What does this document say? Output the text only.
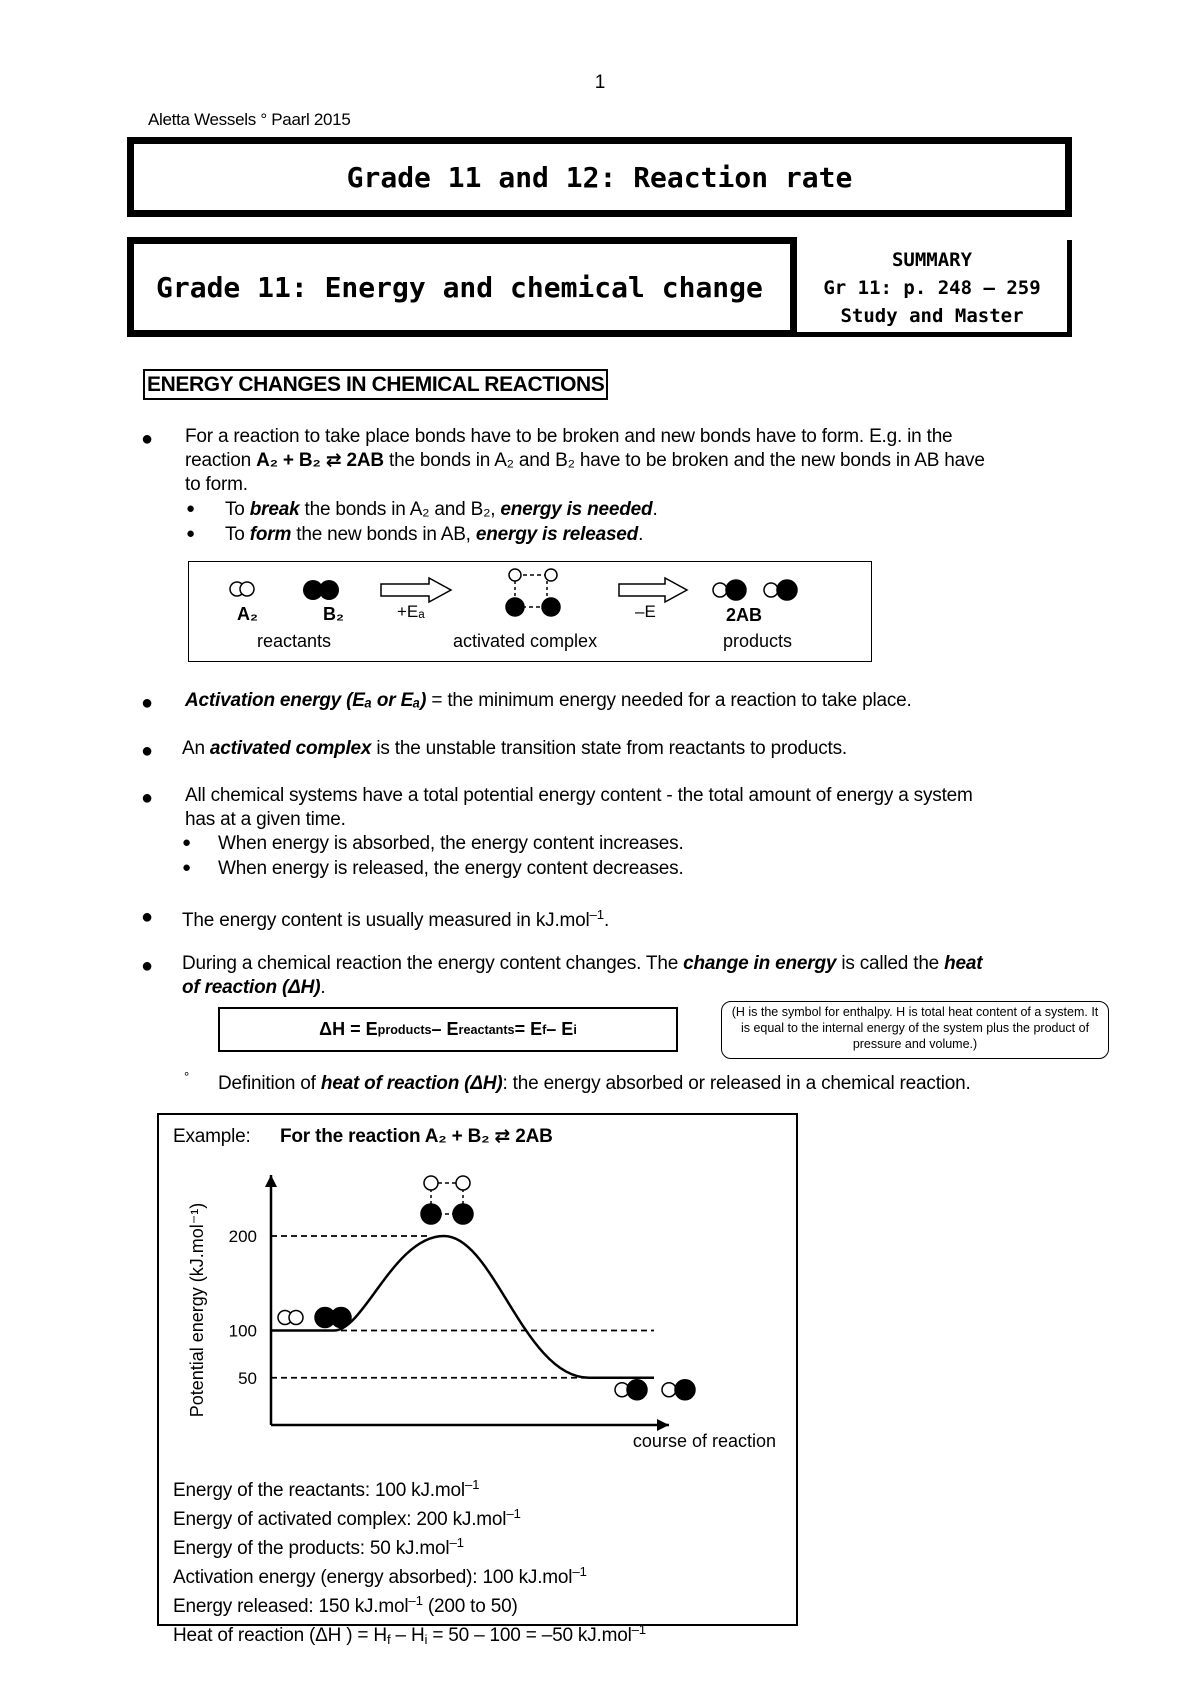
1
Aletta Wessels ° Paarl 2015
Grade 11 and 12: Reaction rate
Grade 11: Energy and chemical change
SUMMARY
Gr 11: p. 248 – 259
Study and Master
ENERGY CHANGES IN CHEMICAL REACTIONS
● For a reaction to take place bonds have to be broken and new bonds have to form. E.g. in the
reaction A₂ + B₂ ⇄ 2AB the bonds in A₂ and B₂ have to be broken and the new bonds in AB have
to form.
● To break the bonds in A₂ and B₂, energy is needed.
● To form the new bonds in AB, energy is released.
A₂	B₂	+Eₐ	–E	2AB
reactants	activated complex	products
● Activation energy (Eₐ or Eₐ) = the minimum energy needed for a reaction to take place.
● An activated complex is the unstable transition state from reactants to products.
● All chemical systems have a total potential energy content - the total amount of energy a system
has at a given time.
● When energy is absorbed, the energy content increases.
● When energy is released, the energy content decreases.
● The energy content is usually measured in kJ.mol$^{-1}$.
● During a chemical reaction the energy content changes. The change in energy is called the heat
of reaction (ΔH).
ΔH = E products – E reactants = E f – E i
(H is the symbol for enthalpy. H is total heat content of a system. It is equal to the internal energy of the system plus the product of pressure and volume.)
° Definition of heat of reaction (ΔH): the energy absorbed or released in a chemical reaction.
Example: For the reaction A₂ + B₂ ⇄ 2AB
50
100
200
course of reaction
Potential energy (kJ.mol⁻¹)
Energy of the reactants: 100 kJ.mol$^{-1}$
Energy of activated complex: 200 kJ.mol$^{-1}$
Energy of the products: 50 kJ.mol$^{-1}$
Activation energy (energy absorbed): 100 kJ.mol$^{-1}$
Energy released: 150 kJ.mol$^{-1}$ (200 to 50)
Heat of reaction (ΔH ) = $H_f - H_i = 50 - 100 = -50$ kJ.mol$^{-1}$
